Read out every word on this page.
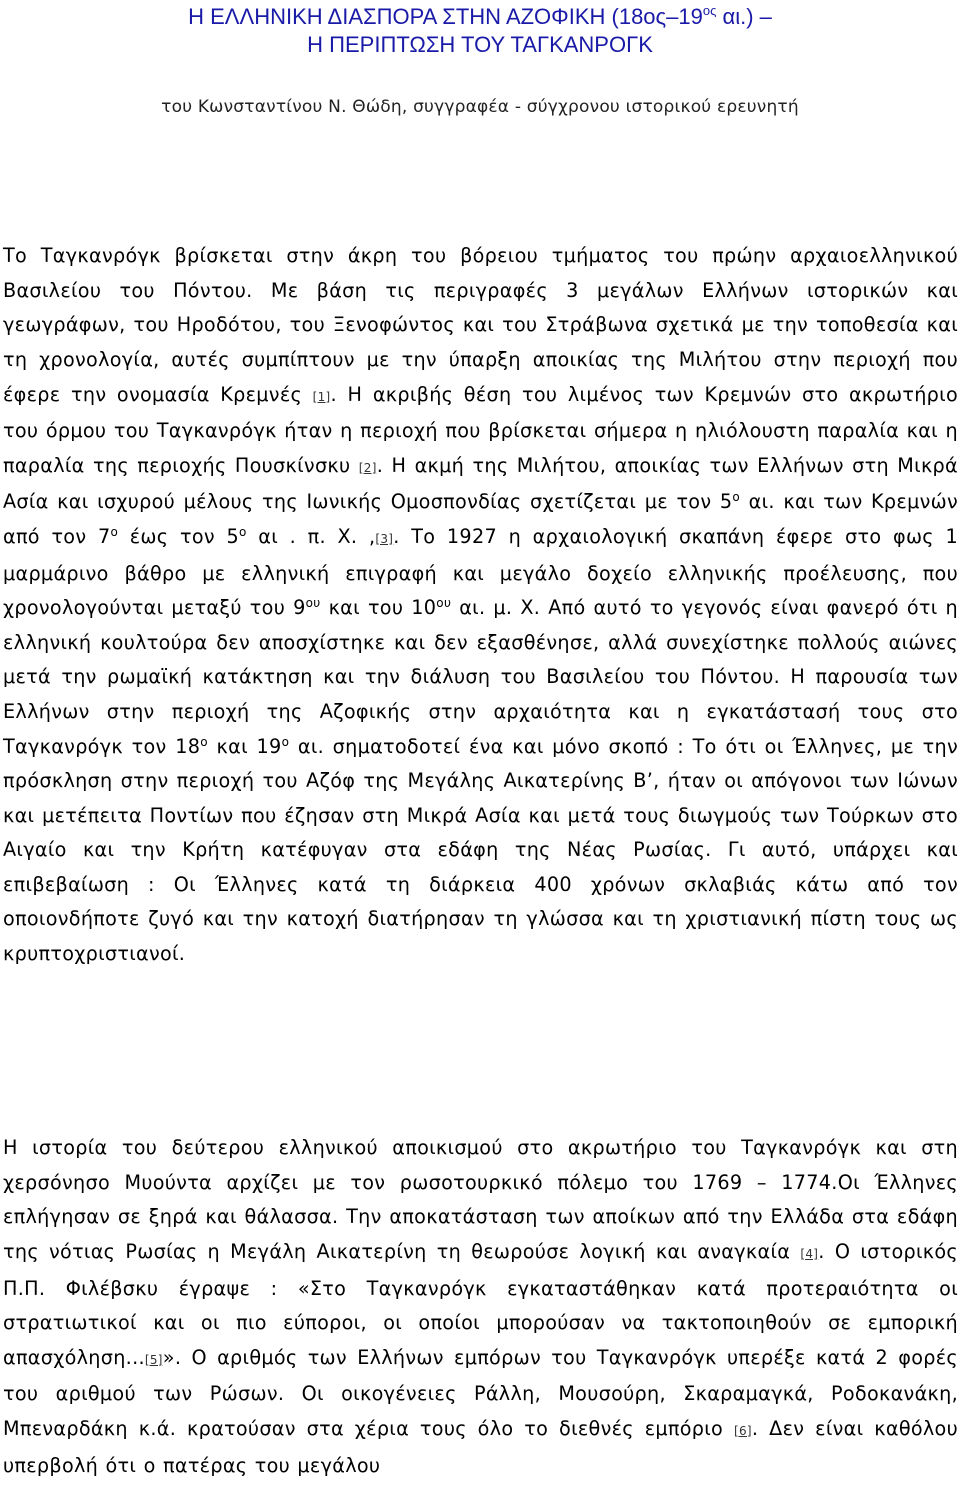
Η ΕΛΛΗΝΙΚΗ ΔΙΑΣΠΟΡΑ ΣΤΗΝ ΑΖΟΦΙΚΗ ($18o\varsigma-19^{o\varsigma}$ αι.) –
Η ΠΕΡΙΠΤΩΣΗ ΤΟΥ ΤΑΓΚΑΝΡΟΓΚ
του Κωνσταντίνου Ν. Θώδη, συγγραφέα - σύγχρονου ιστορικού ερευνητή

Το Ταγκανρόγκ βρίσκεται στην άκρη του βόρειου τμήματος του πρώην αρχαιοελληνικού Βασιλείου του Πόντου. Με βάση τις περιγραφές 3 μεγάλων Ελλήνων ιστορικών και γεωγράφων, του Ηροδότου, του Ξενοφώντος και του Στράβωνα σχετικά με την τοποθεσία και τη χρονολογία, αυτές συμπίπτουν με την ύπαρξη αποικίας της Μιλήτου στην περιοχή που έφερε την ονομασία Κρεμνές [1]. Η ακριβής θέση του λιμένος των Κρεμνών στο ακρωτήριο του όρμου του Ταγκανρόγκ ήταν η περιοχή που βρίσκεται σήμερα η ηλιόλουστη παραλία και η παραλία της περιοχής Πουσκίνσκυ [2]. Η ακμή της Μιλήτου, αποικίας των Ελλήνων στη Μικρά Ασία και ισχυρού μέλους της Ιωνικής Ομοσπονδίας σχετίζεται με τον $5^o$ αι. και των Κρεμνών από τον $7^o$ έως τον $5^o$ αι . π. Χ. ,[3]. Το 1927 η αρχαιολογική σκαπάνη έφερε στο φως 1 μαρμάρινο βάθρο με ελληνική επιγραφή και μεγάλο δοχείο ελληνικής προέλευσης, που χρονολογούνται μεταξύ του $9^{o\upsilon}$ και του $10^{o\upsilon}$ αι. μ. Χ. Από αυτό το γεγονός είναι φανερό ότι η ελληνική κουλτούρα δεν αποσχίστηκε και δεν εξασθένησε, αλλά συνεχίστηκε πολλούς αιώνες μετά την ρωμαϊκή κατάκτηση και την διάλυση του Βασιλείου του Πόντου. Η παρουσία των Ελλήνων στην περιοχή της Αζοφικής στην αρχαιότητα και η εγκατάστασή τους στο Ταγκανρόγκ τον $18^o$ και $19^o$ αι. σηματοδοτεί ένα και μόνο σκοπό : Το ότι οι Έλληνες, με την πρόσκληση στην περιοχή του Αζόφ της Μεγάλης Αικατερίνης Β’, ήταν οι απόγονοι των Ιώνων και μετέπειτα Ποντίων που έζησαν στη Μικρά Ασία και μετά τους διωγμούς των Τούρκων στο Αιγαίο και την Κρήτη κατέφυγαν στα εδάφη της Νέας Ρωσίας. Γι αυτό, υπάρχει και επιβεβαίωση : Οι Έλληνες κατά τη διάρκεια 400 χρόνων σκλαβιάς κάτω από τον οποιονδήποτε ζυγό και την κατοχή διατήρησαν τη γλώσσα και τη χριστιανική πίστη τους ως κρυπτοχριστιανοί.

Η ιστορία του δεύτερου ελληνικού αποικισμού στο ακρωτήριο του Ταγκανρόγκ και στη χερσόνησο Μυούντα αρχίζει με τον ρωσοτουρκικό πόλεμο του 1769 – 1774.Οι Έλληνες επλήγησαν σε ξηρά και θάλασσα. Την αποκατάσταση των αποίκων από την Ελλάδα στα εδάφη της νότιας Ρωσίας η Μεγάλη Αικατερίνη τη θεωρούσε λογική και αναγκαία [4]. Ο ιστορικός Π.Π. Φιλέβσκυ έγραψε : «Στο Ταγκανρόγκ εγκαταστάθηκαν κατά προτεραιότητα οι στρατιωτικοί και οι πιο εύποροι, οι οποίοι μπορούσαν να τακτοποιηθούν σε εμπορική απασχόληση...[5]». Ο αριθμός των Ελλήνων εμπόρων του Ταγκανρόγκ υπερέξε κατά 2 φορές του αριθμού των Ρώσων. Οι οικογένειες Ράλλη, Μουσούρη, Σκαραμαγκά, Ροδοκανάκη, Μπεναρδάκη κ.ά. κρατούσαν στα χέρια τους όλο το διεθνές εμπόριο [6]. Δεν είναι καθόλου υπερβολή ότι ο πατέρας του μεγάλου
